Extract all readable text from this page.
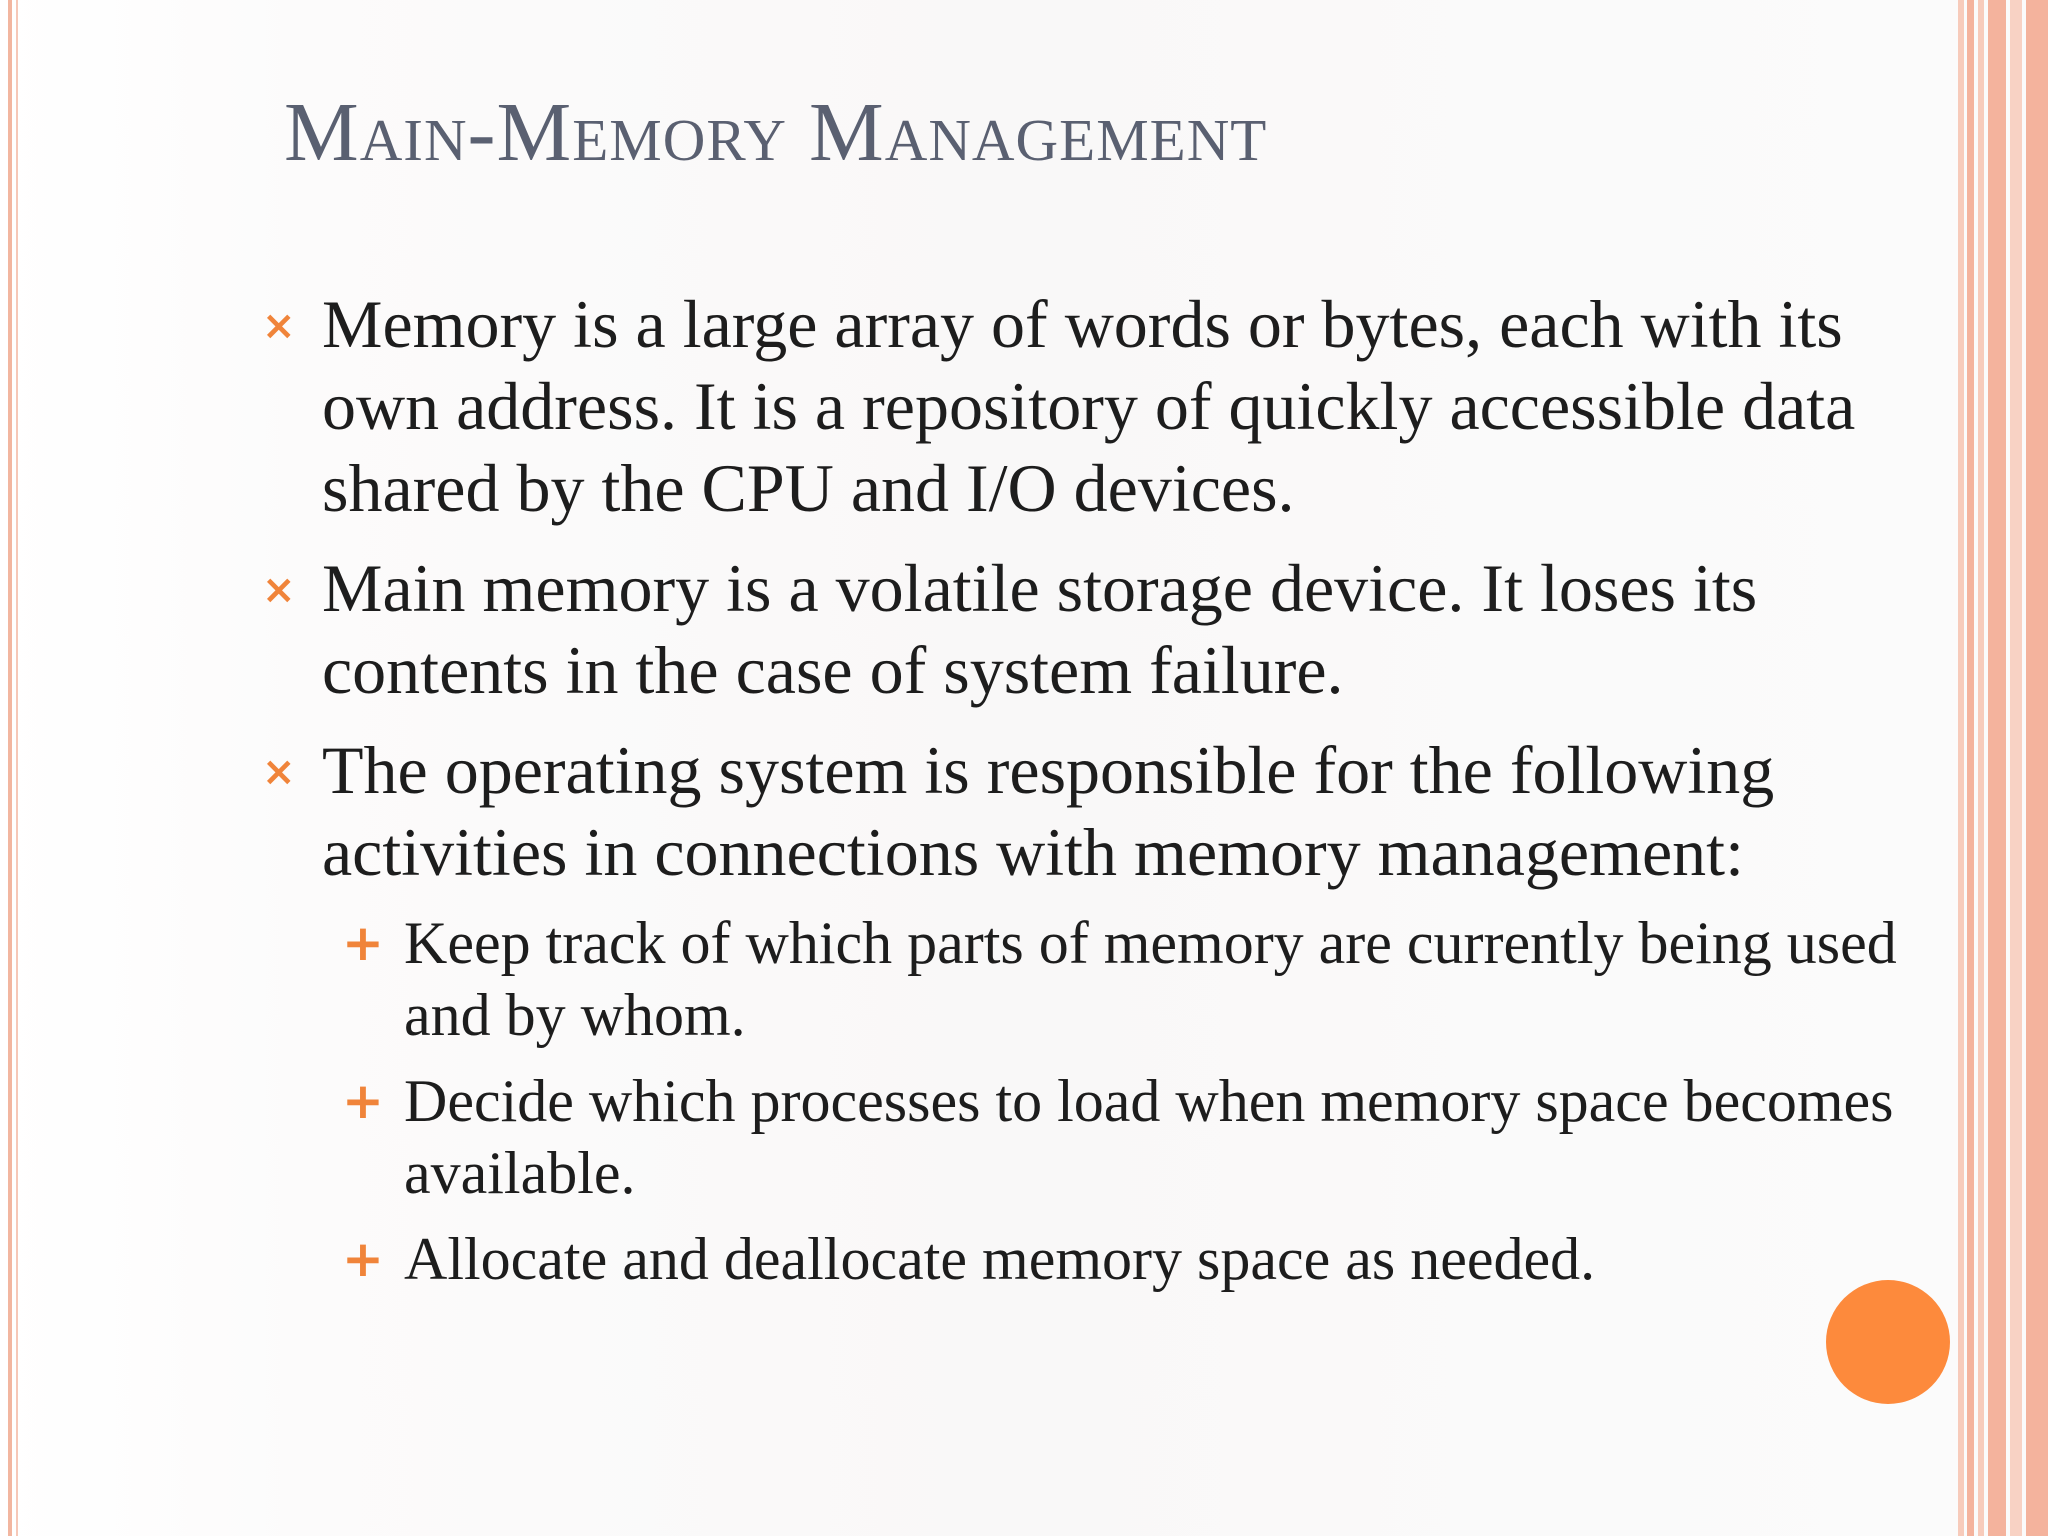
Main-Memory Management
× Memory is a large array of words or bytes, each with its own address. It is a repository of quickly accessible data shared by the CPU and I/O devices.
× Main memory is a volatile storage device. It loses its contents in the case of system failure.
× The operating system is responsible for the following activities in connections with memory management:
+ Keep track of which parts of memory are currently being used and by whom.
+ Decide which processes to load when memory space becomes available.
+ Allocate and deallocate memory space as needed.
